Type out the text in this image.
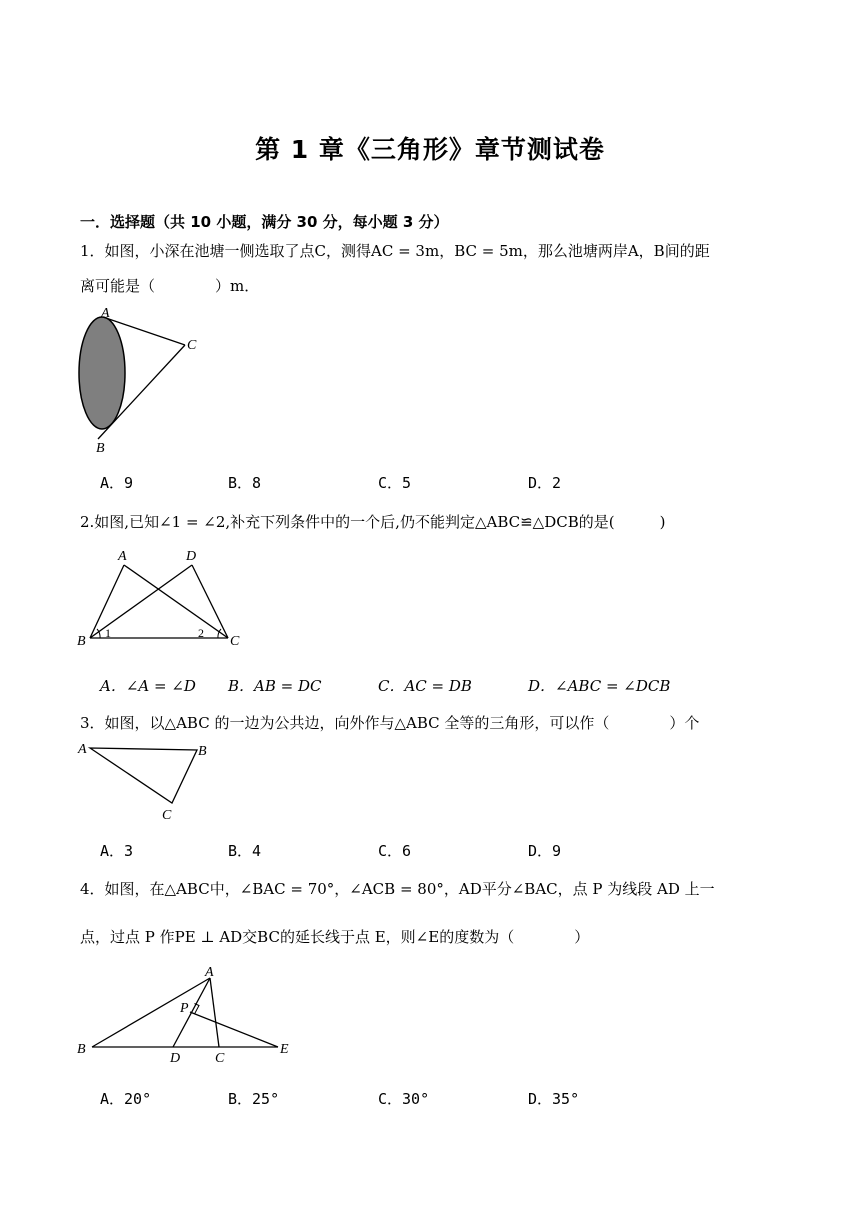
第 1 章《三角形》章节测试卷
一．选择题（共 10 小题，满分 30 分，每小题 3 分）
1．如图，小深在池塘一侧选取了点C，测得AC = 3m，BC = 5m，那么池塘两岸A，B间的距
离可能是（　　　　）m．
A
C
B
A．9	B．8	C．5	D．2
2.如图,已知∠1 = ∠2,补充下列条件中的一个后,仍不能判定△ABC≌△DCB的是(　　　)
A	D
B	C
1	2
A．∠A = ∠D B．AB = DC	C．AC = DB	D．∠ABC = ∠DCB
3．如图，以△ABC 的一边为公共边，向外作与△ABC 全等的三角形，可以作（　　　　）个
A	B
C
A．3	B．4	C．6	D．9
4．如图，在△ABC中，∠BAC = 70°，∠ACB = 80°，AD平分∠BAC，点 P 为线段 AD 上一
点，过点 P 作PE ⊥ AD交BC的延长线于点 E，则∠E的度数为（　　　　）
A
P
B
D C
E
A．20°	B．25°	C．30°	D．35°
